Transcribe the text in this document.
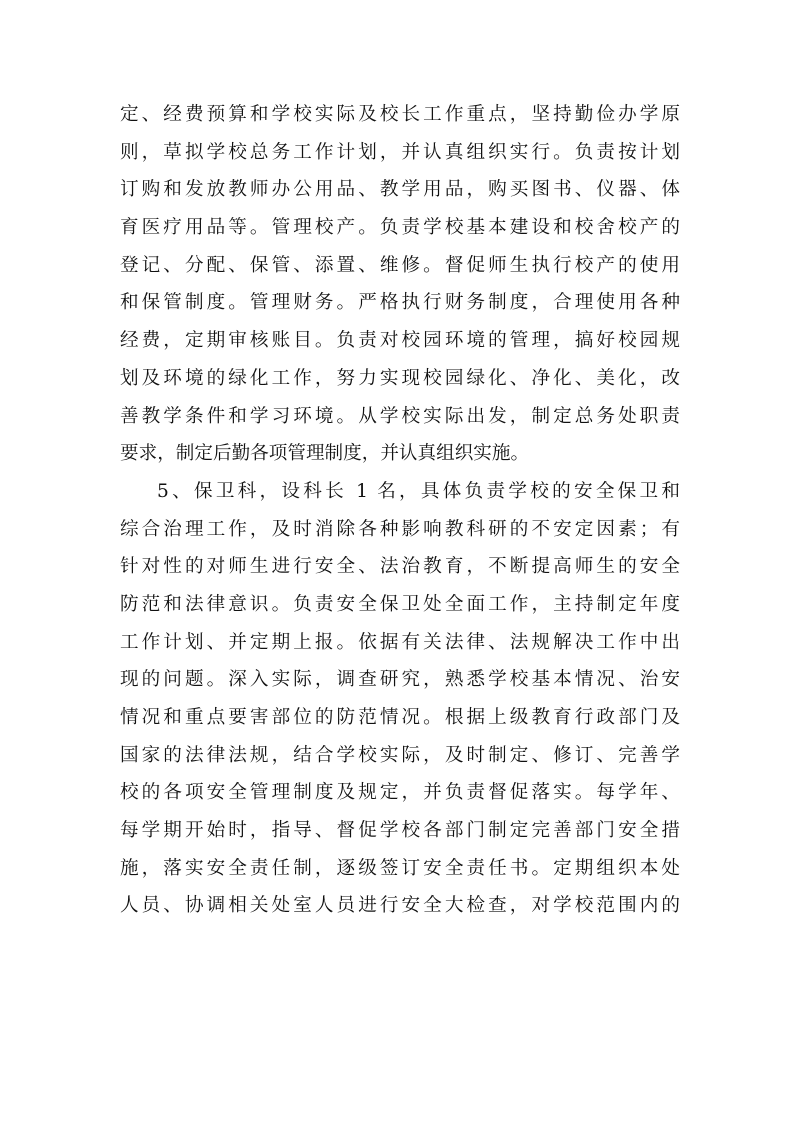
定、经费预算和学校实际及校长工作重点，坚持勤俭办学原
则，草拟学校总务工作计划，并认真组织实行。负责按计划
订购和发放教师办公用品、教学用品，购买图书、仪器、体
育医疗用品等。管理校产。负责学校基本建设和校舍校产的
登记、分配、保管、添置、维修。督促师生执行校产的使用
和保管制度。管理财务。严格执行财务制度，合理使用各种
经费，定期审核账目。负责对校园环境的管理，搞好校园规
划及环境的绿化工作，努力实现校园绿化、净化、美化，改
善教学条件和学习环境。从学校实际出发，制定总务处职责
要求，制定后勤各项管理制度，并认真组织实施。
5、保卫科，设科长 1 名，具体负责学校的安全保卫和
综合治理工作，及时消除各种影响教科研的不安定因素；有
针对性的对师生进行安全、法治教育，不断提高师生的安全
防范和法律意识。负责安全保卫处全面工作，主持制定年度
工作计划、并定期上报。依据有关法律、法规解决工作中出
现的问题。深入实际，调查研究，熟悉学校基本情况、治安
情况和重点要害部位的防范情况。根据上级教育行政部门及
国家的法律法规，结合学校实际，及时制定、修订、完善学
校的各项安全管理制度及规定，并负责督促落实。每学年、
每学期开始时，指导、督促学校各部门制定完善部门安全措
施，落实安全责任制，逐级签订安全责任书。定期组织本处
人员、协调相关处室人员进行安全大检查，对学校范围内的
